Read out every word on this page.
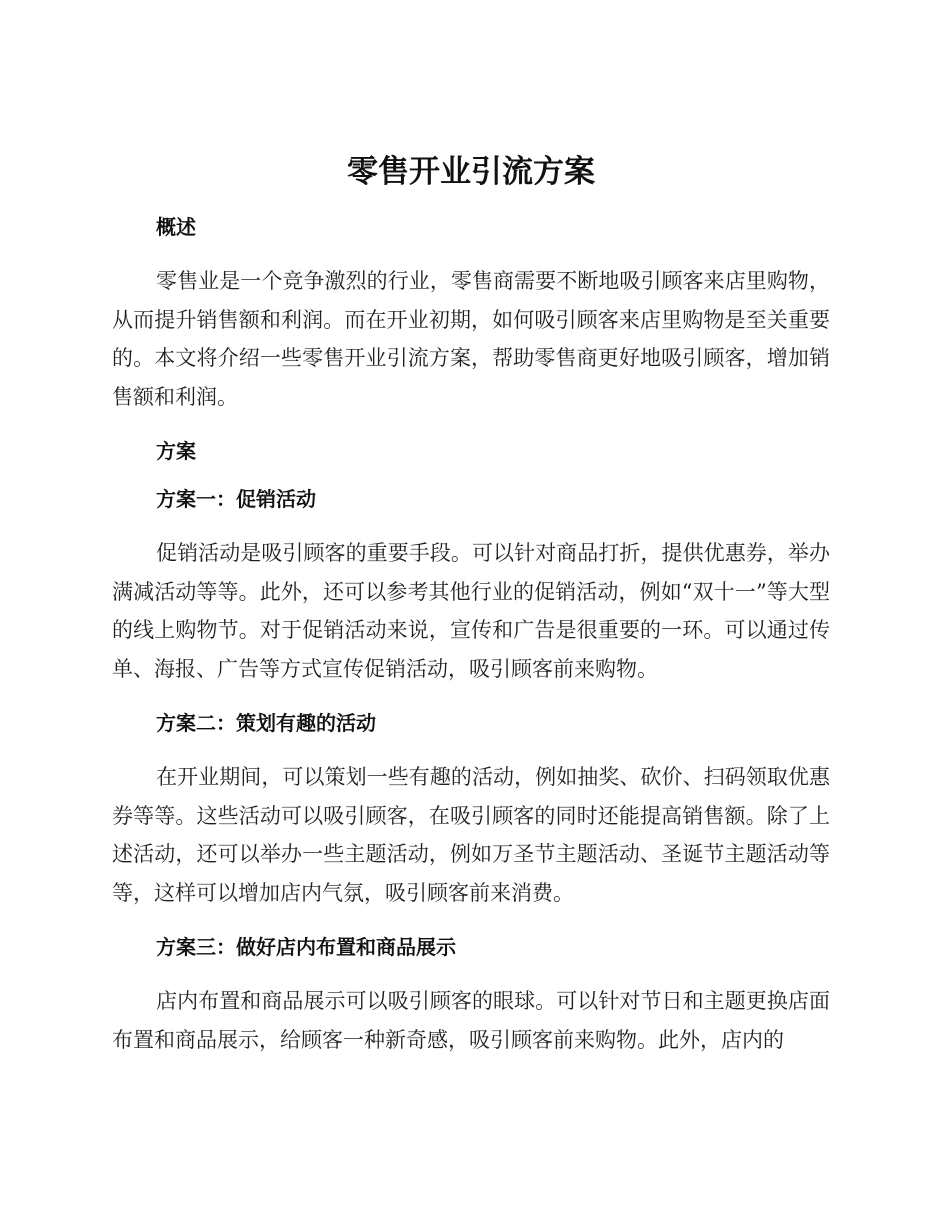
零售开业引流方案

概述

零售业是一个竞争激烈的行业，零售商需要不断地吸引顾客来店里购物，从而提升销售额和利润。而在开业初期，如何吸引顾客来店里购物是至关重要的。本文将介绍一些零售开业引流方案，帮助零售商更好地吸引顾客，增加销售额和利润。

方案

方案一：促销活动

促销活动是吸引顾客的重要手段。可以针对商品打折，提供优惠券，举办满减活动等等。此外，还可以参考其他行业的促销活动，例如“双十一”等大型的线上购物节。对于促销活动来说，宣传和广告是很重要的一环。可以通过传单、海报、广告等方式宣传促销活动，吸引顾客前来购物。

方案二：策划有趣的活动

在开业期间，可以策划一些有趣的活动，例如抽奖、砍价、扫码领取优惠券等等。这些活动可以吸引顾客，在吸引顾客的同时还能提高销售额。除了上述活动，还可以举办一些主题活动，例如万圣节主题活动、圣诞节主题活动等等，这样可以增加店内气氛，吸引顾客前来消费。

方案三：做好店内布置和商品展示

店内布置和商品展示可以吸引顾客的眼球。可以针对节日和主题更换店面布置和商品展示，给顾客一种新奇感，吸引顾客前来购物。此外，店内的
